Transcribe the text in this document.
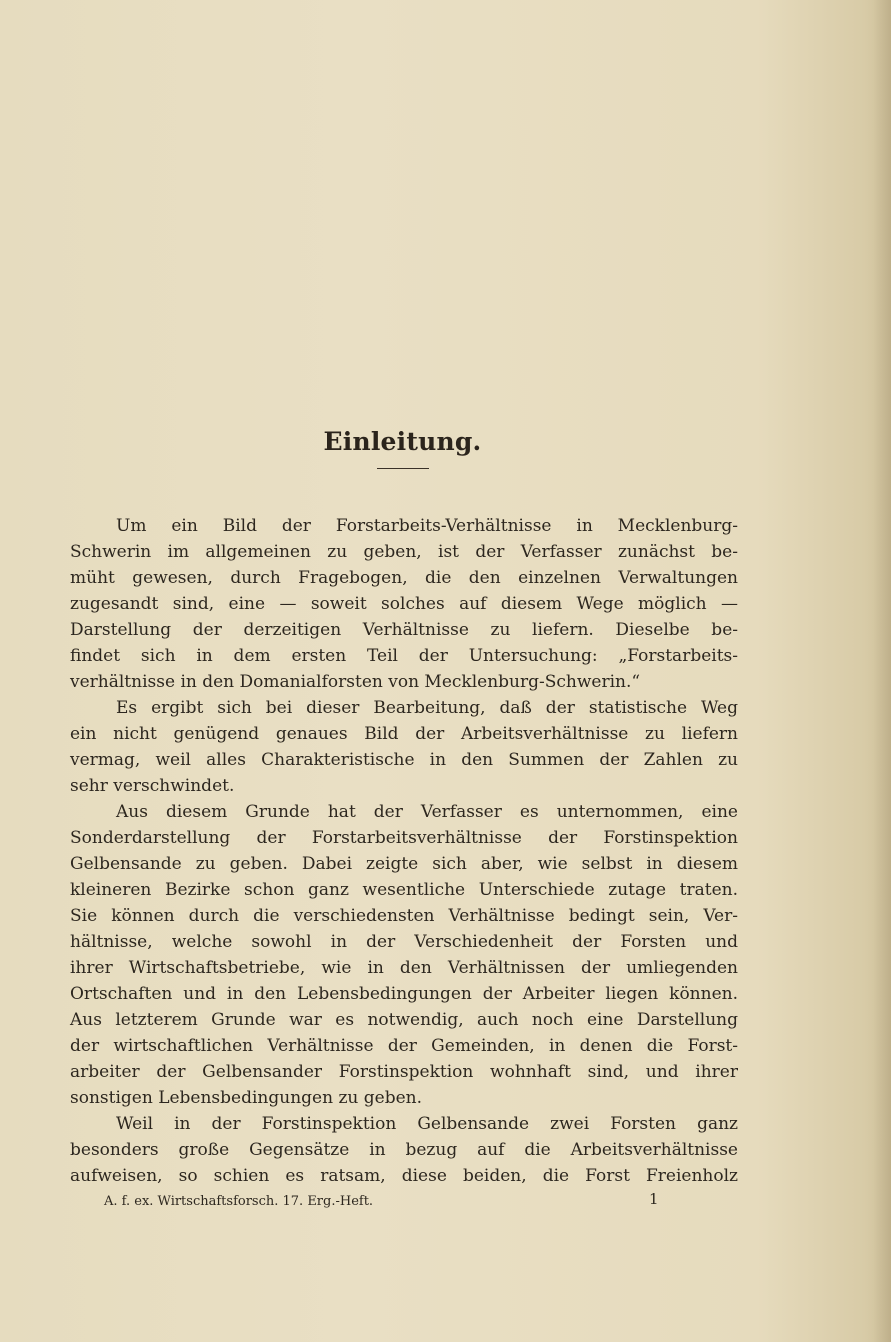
Einleitung.
Um ein Bild der Forstarbeits-Verhältnisse in Mecklenburg-
Schwerin im allgemeinen zu geben, ist der Verfasser zunächst be-
müht gewesen, durch Fragebogen, die den einzelnen Verwaltungen
zugesandt sind, eine — soweit solches auf diesem Wege möglich —
Darstellung der derzeitigen Verhältnisse zu liefern. Dieselbe be-
findet sich in dem ersten Teil der Untersuchung: „Forstarbeits-
verhältnisse in den Domanialforsten von Mecklenburg-Schwerin.“
Es ergibt sich bei dieser Bearbeitung, daß der statistische Weg
ein nicht genügend genaues Bild der Arbeitsverhältnisse zu liefern
vermag, weil alles Charakteristische in den Summen der Zahlen zu
sehr verschwindet.
Aus diesem Grunde hat der Verfasser es unternommen, eine
Sonderdarstellung der Forstarbeitsverhältnisse der Forstinspektion
Gelbensande zu geben. Dabei zeigte sich aber, wie selbst in diesem
kleineren Bezirke schon ganz wesentliche Unterschiede zutage traten.
Sie können durch die verschiedensten Verhältnisse bedingt sein, Ver-
hältnisse, welche sowohl in der Verschiedenheit der Forsten und
ihrer Wirtschaftsbetriebe, wie in den Verhältnissen der umliegenden
Ortschaften und in den Lebensbedingungen der Arbeiter liegen können.
Aus letzterem Grunde war es notwendig, auch noch eine Darstellung
der wirtschaftlichen Verhältnisse der Gemeinden, in denen die Forst-
arbeiter der Gelbensander Forstinspektion wohnhaft sind, und ihrer
sonstigen Lebensbedingungen zu geben.
Weil in der Forstinspektion Gelbensande zwei Forsten ganz
besonders große Gegensätze in bezug auf die Arbeitsverhältnisse
aufweisen, so schien es ratsam, diese beiden, die Forst Freienholz
A. f. ex. Wirtschaftsforsch. 17. Erg.-Heft.	1
